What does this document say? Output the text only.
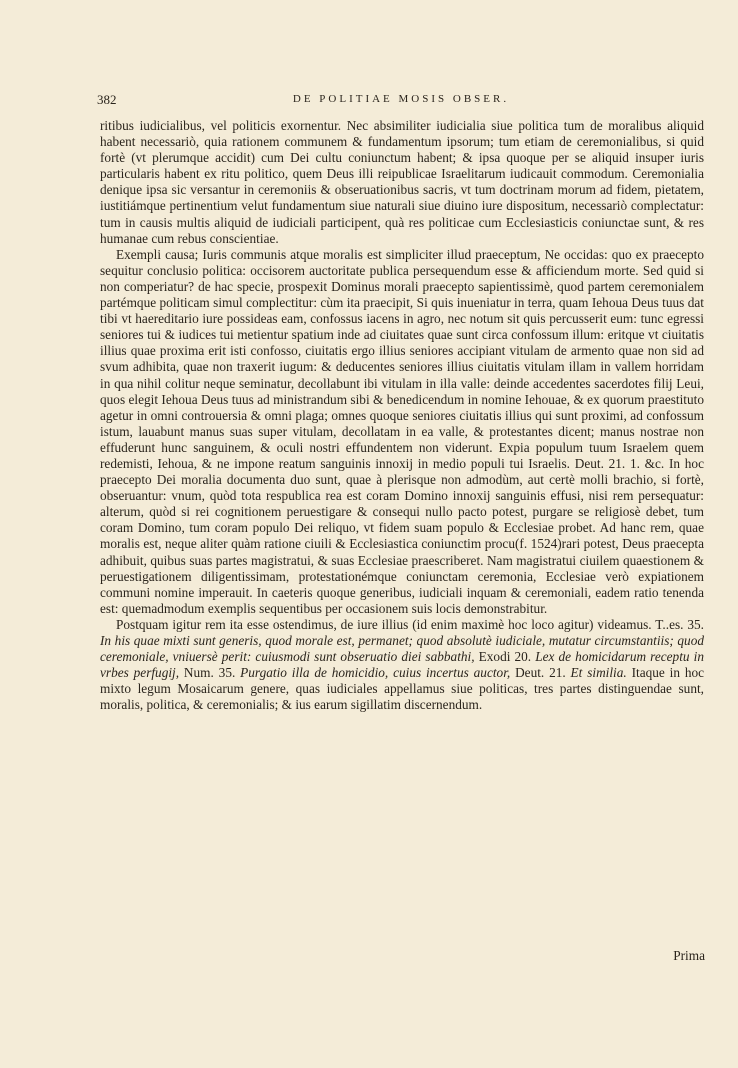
382	DE POLITIAE MOSIS OBSER.

ritibus iudicialibus, vel politicis exornentur. Nec absimiliter iudicialia siue politica tum de moralibus aliquid habent necessariò, quia rationem communem & fundamentum ipsorum; tum etiam de ceremonialibus, si quid fortè (vt plerumque accidit) cum Dei cultu coniunctum habent; & ipsa quoque per se aliquid insuper iuris particularis habent ex ritu politico, quem Deus illi reipublicae Israelitarum iudicauit commodum. Ceremonialia denique ipsa sic versantur in ceremoniis & obseruationibus sacris, vt tum doctrinam morum ad fidem, pietatem, iustitiámque pertinentium velut fundamentum siue naturali siue diuino iure dispositum, necessariò complectatur: tum in causis multis aliquid de iudiciali participent, quà res politicae cum Ecclesiasticis coniunctae sunt, & res humanae cum rebus conscientiae.

Exempli causa; Iuris communis atque moralis est simpliciter illud praeceptum, Ne occidas: quo ex praecepto sequitur conclusio politica: occisorem auctoritate publica persequendum esse & afficiendum morte. Sed quid si non comperiatur? de hac specie, prospexit Dominus morali praecepto sapientissimè, quod partem ceremonialem partémque politicam simul complectitur: cùm ita praecipit, Si quis inueniatur in terra, quam Iehoua Deus tuus dat tibi vt haereditario iure possideas eam, confossus iacens in agro, nec notum sit quis percusserit eum: tunc egressi seniores tui & iudices tui metientur spatium inde ad ciuitates quae sunt circa confossum illum: eritque vt ciuitatis illius quae proxima erit isti confosso, ciuitatis ergo illius seniores accipiant vitulam de armento quae non sid ad svum adhibita, quae non traxerit iugum: & deducentes seniores illius ciuitatis vitulam illam in vallem horridam in qua nihil colitur neque seminatur, decollabunt ibi vitulam in illa valle: deinde accedentes sacerdotes filij Leui, quos elegit Iehoua Deus tuus ad ministrandum sibi & benedicendum in nomine Iehouae, & ex quorum praestituto agetur in omni controuersia & omni plaga; omnes quoque seniores ciuitatis illius qui sunt proximi, ad confossum istum, lauabunt manus suas super vitulam, decollatam in ea valle, & protestantes dicent; manus nostrae non effuderunt hunc sanguinem, & oculi nostri effundentem non viderunt. Expia populum tuum Israelem quem redemisti, Iehoua, & ne impone reatum sanguinis innoxij in medio populi tui Israelis. Deut. 21. 1. &c. In hoc praecepto Dei moralia documenta duo sunt, quae à plerisque non admodùm, aut certè molli brachio, si fortè, obseruantur: vnum, quòd tota respublica rea est coram Domino innoxij sanguinis effusi, nisi rem persequatur: alterum, quòd si rei cognitionem peruestigare & consequi nullo pacto potest, purgare se religiosè debet, tum coram Domino, tum coram populo Dei reliquo, vt fidem suam populo & Ecclesiae probet. Ad hanc rem, quae moralis est, neque aliter quàm ratione ciuili & Ecclesiastica coniunctim procu(f. 1524)rari potest, Deus praecepta adhibuit, quibus suas partes magistratui, & suas Ecclesiae praescriberet. Nam magistratui ciuilem quaestionem & peruestigationem diligentissimam, protestationémque coniunctam ceremonia, Ecclesiae verò expiationem communi nomine imperauit. In caeteris quoque generibus, iudiciali inquam & ceremoniali, eadem ratio tenenda est: quemadmodum exemplis sequentibus per occasionem suis locis demonstrabitur.

Postquam igitur rem ita esse ostendimus, de iure illius (id enim maximè hoc loco agitur) videamus. T..es. 35. In his quae mixti sunt generis, quod morale est, permanet; quod absolutè iudiciale, mutatur circumstantiis; quod ceremoniale, vniuersè perit: cuiusmodi sunt obseruatio diei sabbathi, Exodi 20. Lex de homicidarum receptu in vrbes perfugij, Num. 35. Purgatio illa de homicidio, cuius incertus auctor, Deut. 21. Et similia. Itaque in hoc mixto legum Mosaicarum genere, quas iudiciales appellamus siue politicas, tres partes distinguendae sunt, moralis, politica, & ceremonialis; & ius earum sigillatim discernendum.

Prima
